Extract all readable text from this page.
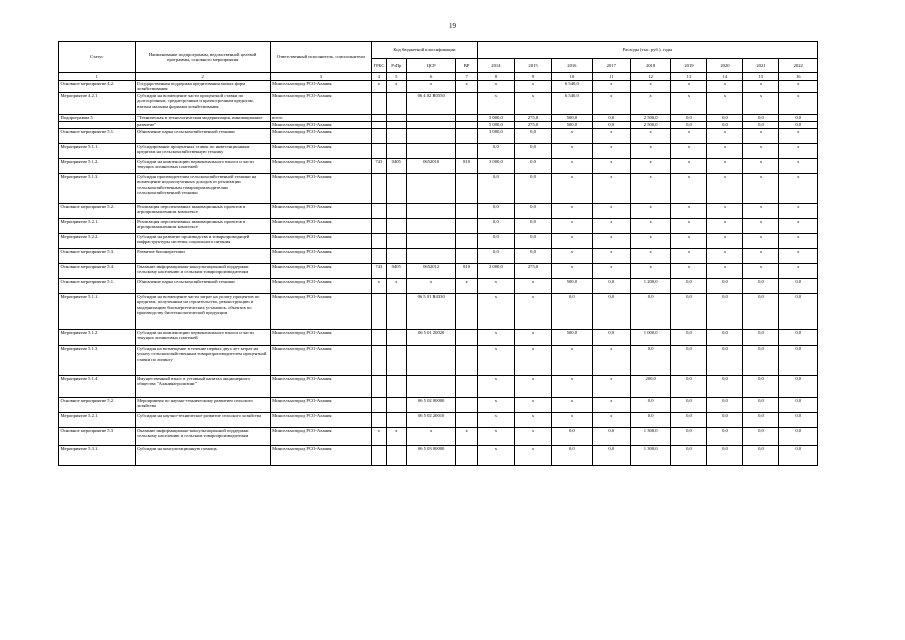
19
Статус	Наименование подпрограммы, ведомственной целевой программы, основного мероприятия	Ответственный исполнитель, соисполнители	Код бюджетной классификации				Расходы (тыс. руб.), годы								
			ГРБС	РзПр	ЦСР	ВР	2014	2015	2016	2017	2018	2019	2020	2021	2022
1	2	3	4	5	6	7	8	9	10	11	12	13	14	15	16
Основное мероприятие 4.2.	Государственная поддержка кредитования малых форм хозяйствования	Минсельхозпрод РСО-Алания	х	х	х	х	х	х	6 540,0	х	х	х	х	х	х
Мероприятие 4.2.1	Субсидии на возмещение части процентной ставки по долгосрочным, среднесрочным и краткосрочным кредитам, взятым малыми формами хозяйствования	Минсельхозпрод РСО-Алания			06 4 02 R0550		х	х	6 540,0	х	х	х	х	х	х
Подпрограмма 5	"Техническая и технологическая модернизация, инновационное	всего					5 000,0	275,0	500,0	0,0	2 500,0	0,0	0,0	0,0	0,0
	развитие"	Минсельхозпрод РСО-Алания					5 000,0	275,0	500,0	0,0	2 500,0	0,0	0,0	0,0	0,0
Основное мероприятие 5.1.	Обновление парка сельскохозяйственной техники	Минсельхозпрод РСО-Алания					3 000,0	0,0	х	х	х	х	х	х	х
Мероприятие 5.1.1.	Субсидирование процентных ставок по инвестиционным кредитам на сельскохозяйственную технику	Минсельхозпрод РСО-Алания					0,0	0,0	х	х	х	х	х	х	х
Мероприятие 5.1.2.	Субсидии на компенсацию первоначального взноса и части текущих лизинговых платежей	Минсельхозпрод РСО-Алания	743	0405	0652010	810	3 000,0	0,0	х	х	х	х	х	х	х
Мероприятие 5.1.3.	Субсидия производителям сельскохозяйственной техники на возмещение недополученных доходов от реализации сельскохозяйственным товаропроизводителям сельскохозяйственной техники	Минсельхозпрод РСО-Алания					0,0	0,0	х	х	х	х	х	х	х
Основное мероприятие 5.2.	Реализация перспективных инновационных проектов в агропромышленном комплексе	Минсельхозпрод РСО-Алания					0,0	0,0	х	х	х	х	х	х	х
Мероприятие 5.2.1.	Реализация перспективных инновационных проектов в агропромышленном комплексе	Минсельхозпрод РСО-Алания					0,0	0,0	х	х	х	х	х	х	х
Мероприятие 5.2.2.	Субсидии на развитие производства и товаропроводящей инфраструктуры системы социального питания	Минсельхозпрод РСО-Алания					0,0	0,0	х	х	х	х	х	х	х
Основное мероприятие 5.3.	Развитие биоэнергетики	Минсельхозпрод РСО-Алания					0,0	0,0	х	х	х	х	х	х	х
Основное мероприятие 5.4.	Оказание информационно-консультационной поддержки сельскому населению и сельским товаропроизводителям	Минсельхозпрод РСО-Алания	743	0405	0652012	810	2 000,0	275,0	х	х	х	х	х	х	х
Основное мероприятие 5.1.	Обновление парка сельскохозяйственной техники	Минсельхозпрод РСО-Алания	х	х	х	х	х	х	500,0	0,0	1 200,0	0,0	0,0	0,0	0,0
Мероприятие 5.1.1.	Субсидии на возмещение части затрат на уплату процентов по кредитам, полученным на строительство, реконструкцию и модернизацию биоэнергетических установок, объектов по производству биотехнологической продукции	Минсельхозпрод РСО-Алания			06 5 01 R4330		х	х	0,0	0,0	0,0	0,0	0,0	0,0	0,0
Мероприятие 5.1.2	Субсидии на компенсацию первоначального взноса и части текущих лизинговых платежей	Минсельхозпрод РСО-Алания			06 5 01 20020		х	х	500,0	0,0	1 000,0	0,0	0,0	0,0	0,0
Мероприятие 5.1.3	Субсидия на возмещение в течение первых двух лет затрат на уплату сельскохозяйственным товаропроизводителем процентной ставки по лизингу	Минсельхозпрод РСО-Алания					х	х	х	х	0,0	0,0	0,0	0,0	0,0
Мероприятие 5.1.4	Имущественный взнос в уставный капитал акционерного общества "Аланияагролизинг"	Минсельхозпрод РСО-Алания					х	х	х	х	200,0	0,0	0,0	0,0	0,0
Основное мероприятие 5.2.	Мероприятия по научно-техническому развитию сельского хозяйства	Минсельхозпрод РСО-Алания			06 5 02 00000		х	х	х	х	0,0	0,0	0,0	0,0	0,0
Мероприятие 5.2.1.	Субсидии на научно-техническое развитие сельского хозяйства	Минсельхозпрод РСО-Алания			06 5 02 20010		х	х	х	х	0,0	0,0	0,0	0,0	0,0
Основное мероприятие 5.3	Оказание информационно-консультационной поддержки сельскому населению и сельским товаропроизводителям	Минсельхозпрод РСО-Алания	х	х	х	х	х	х	0,0	0,0	1 300,0	0,0	0,0	0,0	0,0
Мероприятие 5.3.1.	Субсидии на консультационную помощь	Минсельхозпрод РСО-Алания			06 5 03 00000		х	х	0,0	0,0	1 300,0	0,0	0,0	0,0	0,0
